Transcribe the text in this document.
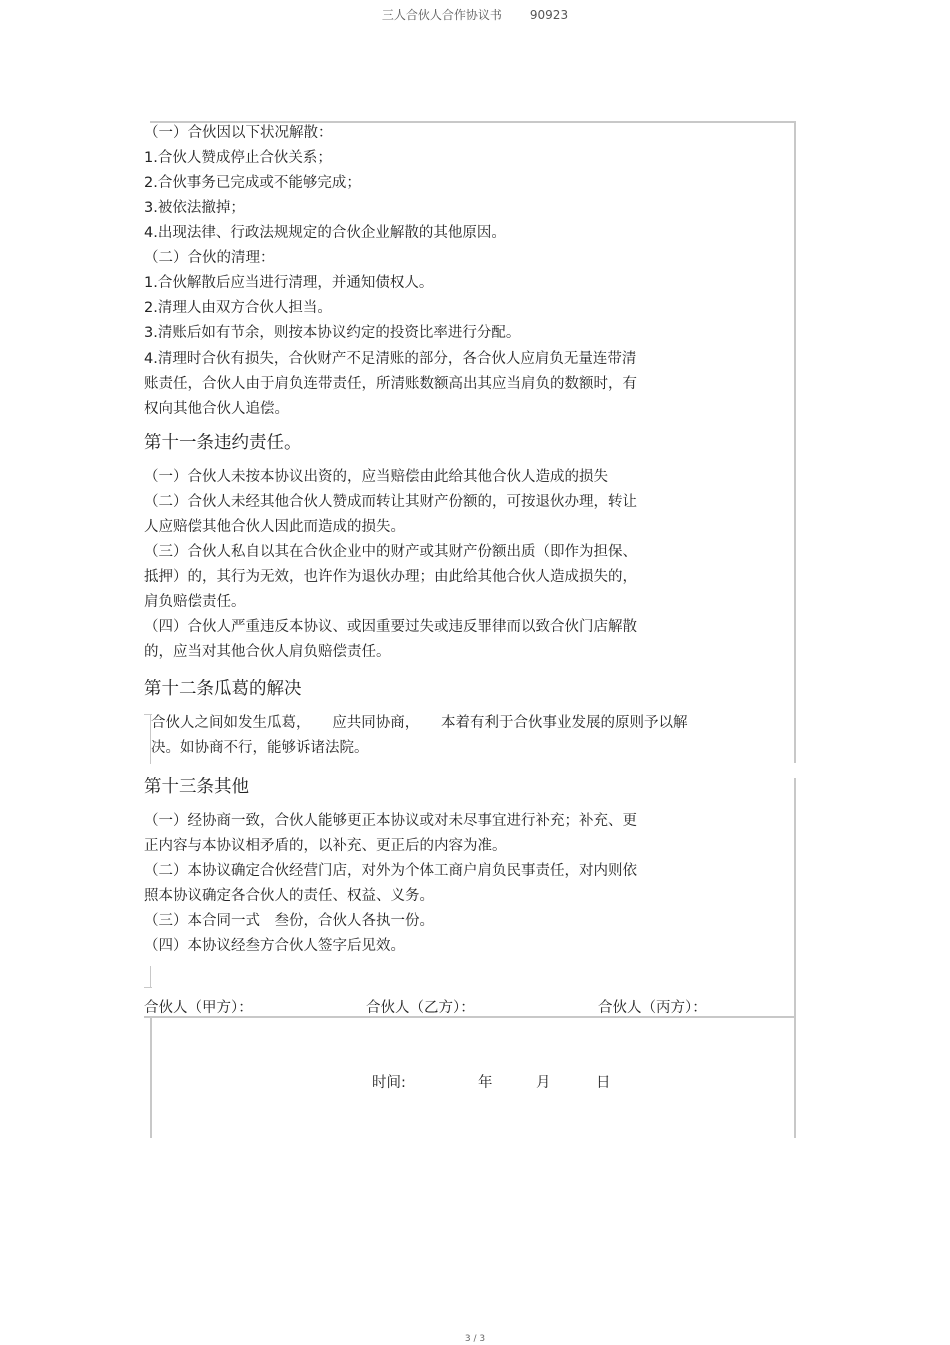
三人合伙人合作协议书 90923

（一）合伙因以下状况解散：

1.合伙人赞成停止合伙关系；

2.合伙事务已完成或不能够完成；

3.被依法撤掉；

4.出现法律、行政法规规定的合伙企业解散的其他原因。

（二）合伙的清理：

1.合伙解散后应当进行清理，并通知债权人。

2.清理人由双方合伙人担当。

3.清账后如有节余，则按本协议约定的投资比率进行分配。

4.清理时合伙有损失，合伙财产不足清账的部分，各合伙人应肩负无量连带清

账责任，合伙人由于肩负连带责任，所清账数额高出其应当肩负的数额时，有

权向其他合伙人追偿。

第十一条违约责任。

（一）合伙人未按本协议出资的，应当赔偿由此给其他合伙人造成的损失

（二）合伙人未经其他合伙人赞成而转让其财产份额的，可按退伙办理，转让

人应赔偿其他合伙人因此而造成的损失。

（三）合伙人私自以其在合伙企业中的财产或其财产份额出质（即作为担保、

抵押）的，其行为无效，也许作为退伙办理；由此给其他合伙人造成损失的，

肩负赔偿责任。

（四）合伙人严重违反本协议、或因重要过失或违反罪律而以致合伙门店解散

的，应当对其他合伙人肩负赔偿责任。

第十二条瓜葛的解决

合伙人之间如发生瓜葛，　　应共同协商，　　本着有利于合伙事业发展的原则予以解

决。如协商不行，能够诉诸法院。

第十三条其他

（一）经协商一致，合伙人能够更正本协议或对未尽事宜进行补充；补充、更

正内容与本协议相矛盾的，以补充、更正后的内容为准。

（二）本协议确定合伙经营门店，对外为个体工商户肩负民事责任，对内则依

照本协议确定各合伙人的责任、权益、义务。

（三）本合同一式　叁份，合伙人各执一份。

（四）本协议经叁方合伙人签字后见效。

合伙人（甲方）：	合伙人（乙方）：	合伙人（丙方）：
时间:	年	月	日
3 / 3
